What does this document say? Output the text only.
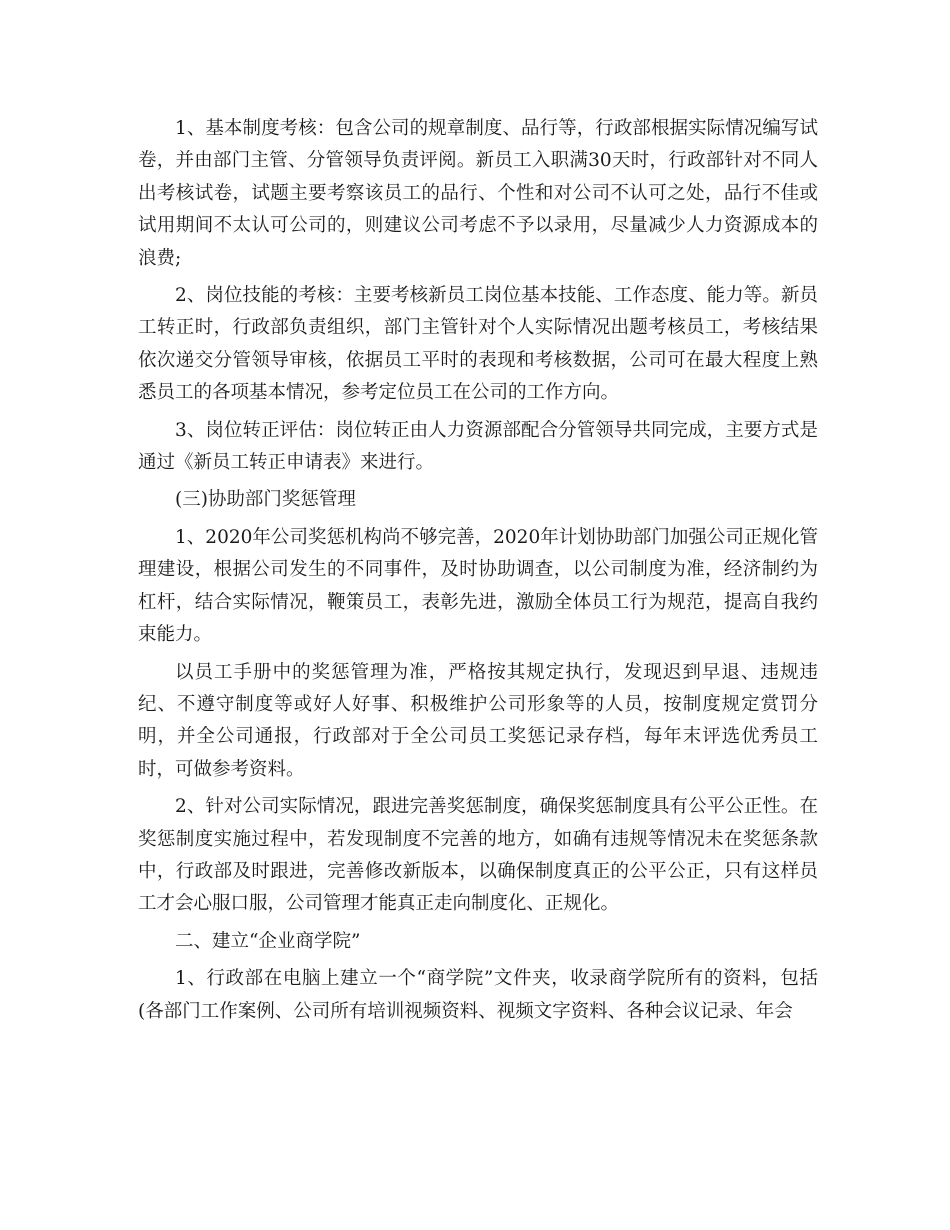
1、基本制度考核：包含公司的规章制度、品行等，行政部根据实际情况编写试卷，并由部门主管、分管领导负责评阅。新员工入职满30天时，行政部针对不同人出考核试卷，试题主要考察该员工的品行、个性和对公司不认可之处，品行不佳或试用期间不太认可公司的，则建议公司考虑不予以录用，尽量减少人力资源成本的浪费;

2、岗位技能的考核：主要考核新员工岗位基本技能、工作态度、能力等。新员工转正时，行政部负责组织，部门主管针对个人实际情况出题考核员工，考核结果依次递交分管领导审核，依据员工平时的表现和考核数据，公司可在最大程度上熟悉员工的各项基本情况，参考定位员工在公司的工作方向。

3、岗位转正评估：岗位转正由人力资源部配合分管领导共同完成，主要方式是通过《新员工转正申请表》来进行。

(三)协助部门奖惩管理

1、2020年公司奖惩机构尚不够完善，2020年计划协助部门加强公司正规化管理建设，根据公司发生的不同事件，及时协助调查，以公司制度为准，经济制约为杠杆，结合实际情况，鞭策员工，表彰先进，激励全体员工行为规范，提高自我约束能力。

以员工手册中的奖惩管理为准，严格按其规定执行，发现迟到早退、违规违纪、不遵守制度等或好人好事、积极维护公司形象等的人员，按制度规定赏罚分明，并全公司通报，行政部对于全公司员工奖惩记录存档，每年末评选优秀员工时，可做参考资料。

2、针对公司实际情况，跟进完善奖惩制度，确保奖惩制度具有公平公正性。在奖惩制度实施过程中，若发现制度不完善的地方，如确有违规等情况未在奖惩条款中，行政部及时跟进，完善修改新版本，以确保制度真正的公平公正，只有这样员工才会心服口服，公司管理才能真正走向制度化、正规化。

二、建立“企业商学院”

1、行政部在电脑上建立一个“商学院”文件夹，收录商学院所有的资料，包括(各部门工作案例、公司所有培训视频资料、视频文字资料、各种会议记录、年会
